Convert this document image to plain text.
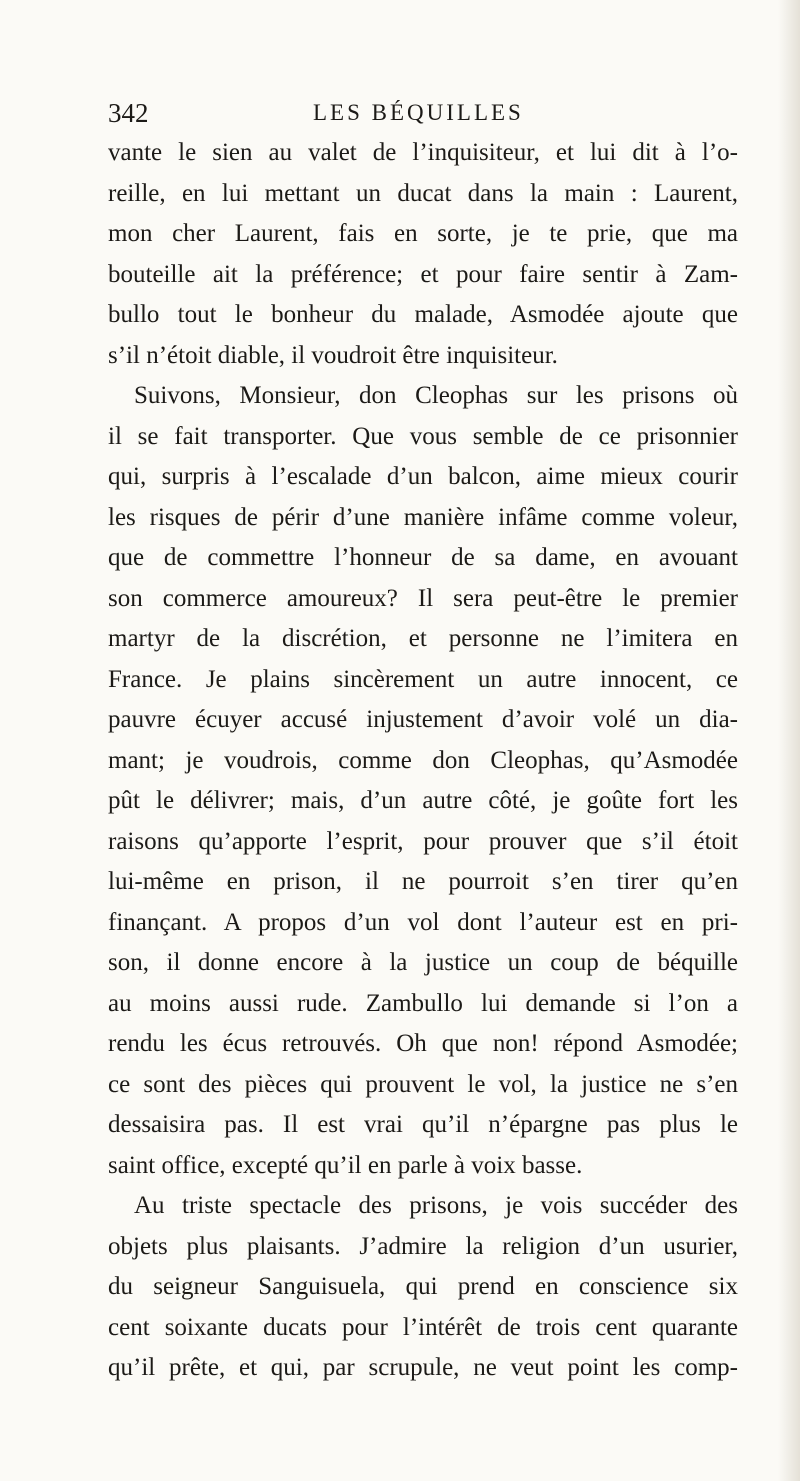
342	LES BÉQUILLES
vante le sien au valet de l’inquisiteur, et lui dit à l’o-
reille, en lui mettant un ducat dans la main : Laurent,
mon cher Laurent, fais en sorte, je te prie, que ma
bouteille ait la préférence; et pour faire sentir à Zam-
bullo tout le bonheur du malade, Asmodée ajoute que
s’il n’étoit diable, il voudroit être inquisiteur.
Suivons, Monsieur, don Cleophas sur les prisons où
il se fait transporter. Que vous semble de ce prisonnier
qui, surpris à l’escalade d’un balcon, aime mieux courir
les risques de périr d’une manière infâme comme voleur,
que de commettre l’honneur de sa dame, en avouant
son commerce amoureux? Il sera peut-être le premier
martyr de la discrétion, et personne ne l’imitera en
France. Je plains sincèrement un autre innocent, ce
pauvre écuyer accusé injustement d’avoir volé un dia-
mant; je voudrois, comme don Cleophas, qu’Asmodée
pût le délivrer; mais, d’un autre côté, je goûte fort les
raisons qu’apporte l’esprit, pour prouver que s’il étoit
lui-même en prison, il ne pourroit s’en tirer qu’en
finançant. A propos d’un vol dont l’auteur est en pri-
son, il donne encore à la justice un coup de béquille
au moins aussi rude. Zambullo lui demande si l’on a
rendu les écus retrouvés. Oh que non! répond Asmodée;
ce sont des pièces qui prouvent le vol, la justice ne s’en
dessaisira pas. Il est vrai qu’il n’épargne pas plus le
saint office, excepté qu’il en parle à voix basse.
Au triste spectacle des prisons, je vois succéder des
objets plus plaisants. J’admire la religion d’un usurier,
du seigneur Sanguisuela, qui prend en conscience six
cent soixante ducats pour l’intérêt de trois cent quarante
qu’il prête, et qui, par scrupule, ne veut point les comp-
